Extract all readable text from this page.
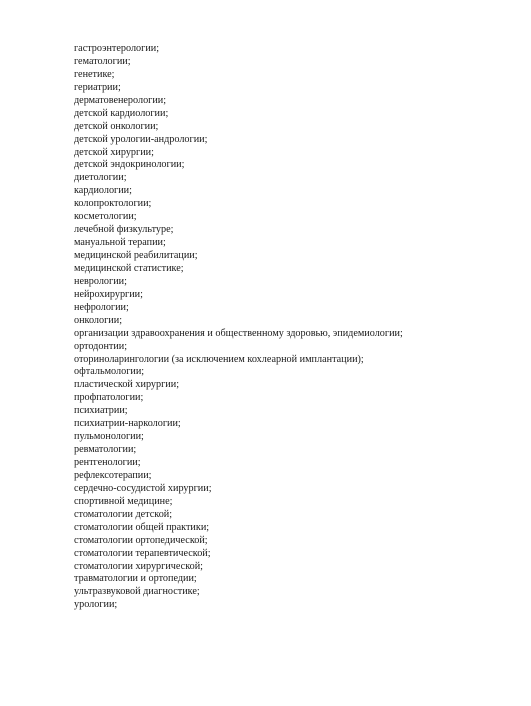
гастроэнтерологии;
гематологии;
генетике;
гериатрии;
дерматовенерологии;
детской кардиологии;
детской онкологии;
детской урологии-андрологии;
детской хирургии;
детской эндокринологии;
диетологии;
кардиологии;
колопроктологии;
косметологии;
лечебной физкультуре;
мануальной терапии;
медицинской реабилитации;
медицинской статистике;
неврологии;
нейрохирургии;
нефрологии;
онкологии;
организации здравоохранения и общественному здоровью, эпидемиологии;
ортодонтии;
оториноларингологии (за исключением кохлеарной имплантации);
офтальмологии;
пластической хирургии;
профпатологии;
психиатрии;
психиатрии-наркологии;
пульмонологии;
ревматологии;
рентгенологии;
рефлексотерапии;
сердечно-сосудистой хирургии;
спортивной медицине;
стоматологии детской;
стоматологии общей практики;
стоматологии ортопедической;
стоматологии терапевтической;
стоматологии хирургической;
травматологии и ортопедии;
ультразвуковой диагностике;
урологии;
